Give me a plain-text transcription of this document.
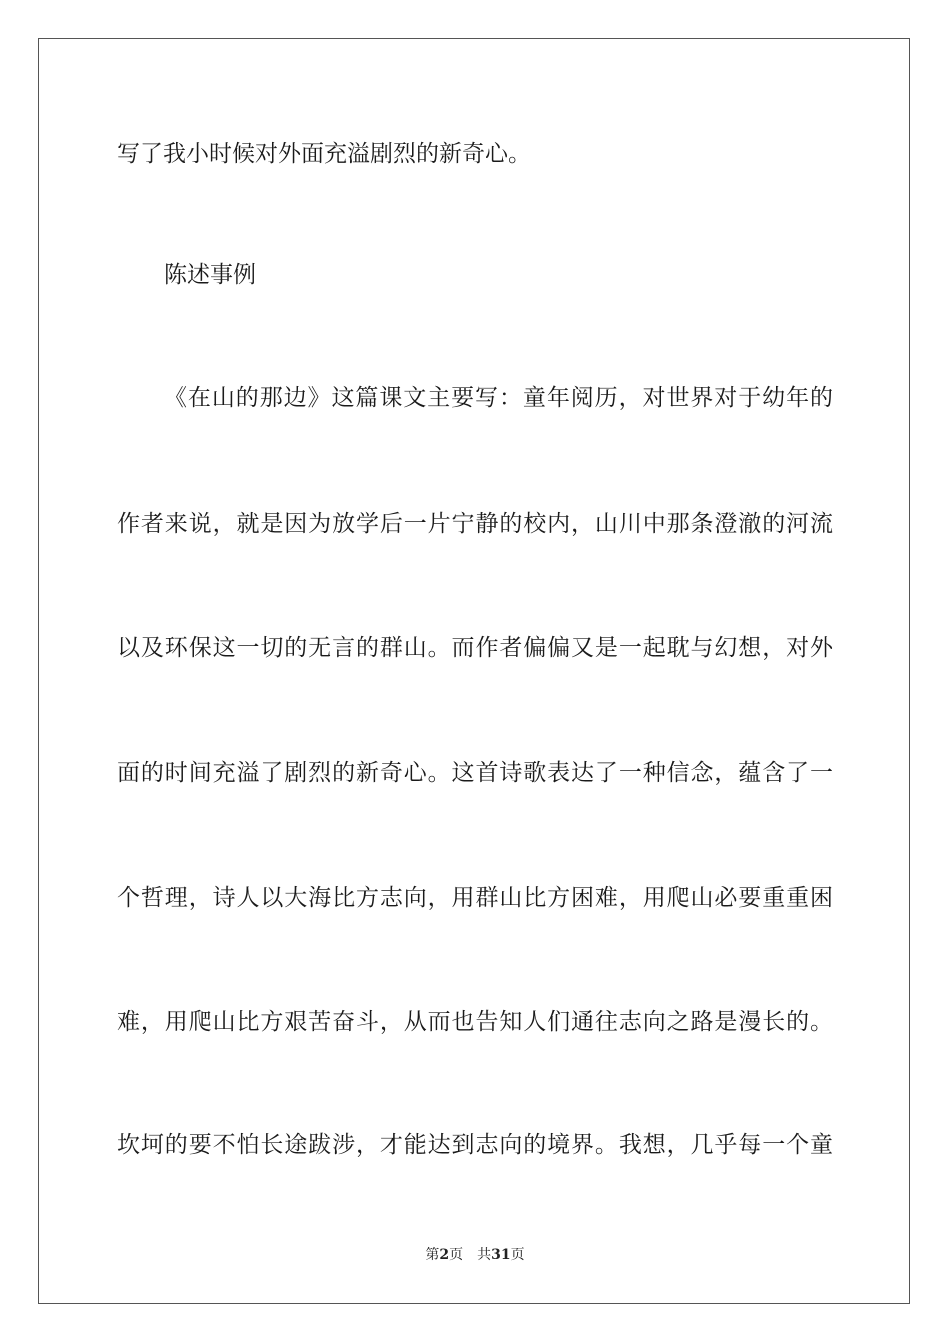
写了我小时候对外面充溢剧烈的新奇心。
陈述事例
《在山的那边》这篇课文主要写：童年阅历，对世界对于幼年的
作者来说，就是因为放学后一片宁静的校内，山川中那条澄澈的河流
以及环保这一切的无言的群山。而作者偏偏又是一起耽与幻想，对外
面的时间充溢了剧烈的新奇心。这首诗歌表达了一种信念，蕴含了一
个哲理，诗人以大海比方志向，用群山比方困难，用爬山必要重重困
难，用爬山比方艰苦奋斗，从而也告知人们通往志向之路是漫长的。
坎坷的要不怕长途跋涉，才能达到志向的境界。我想，几乎每一个童
第2页 共31页
